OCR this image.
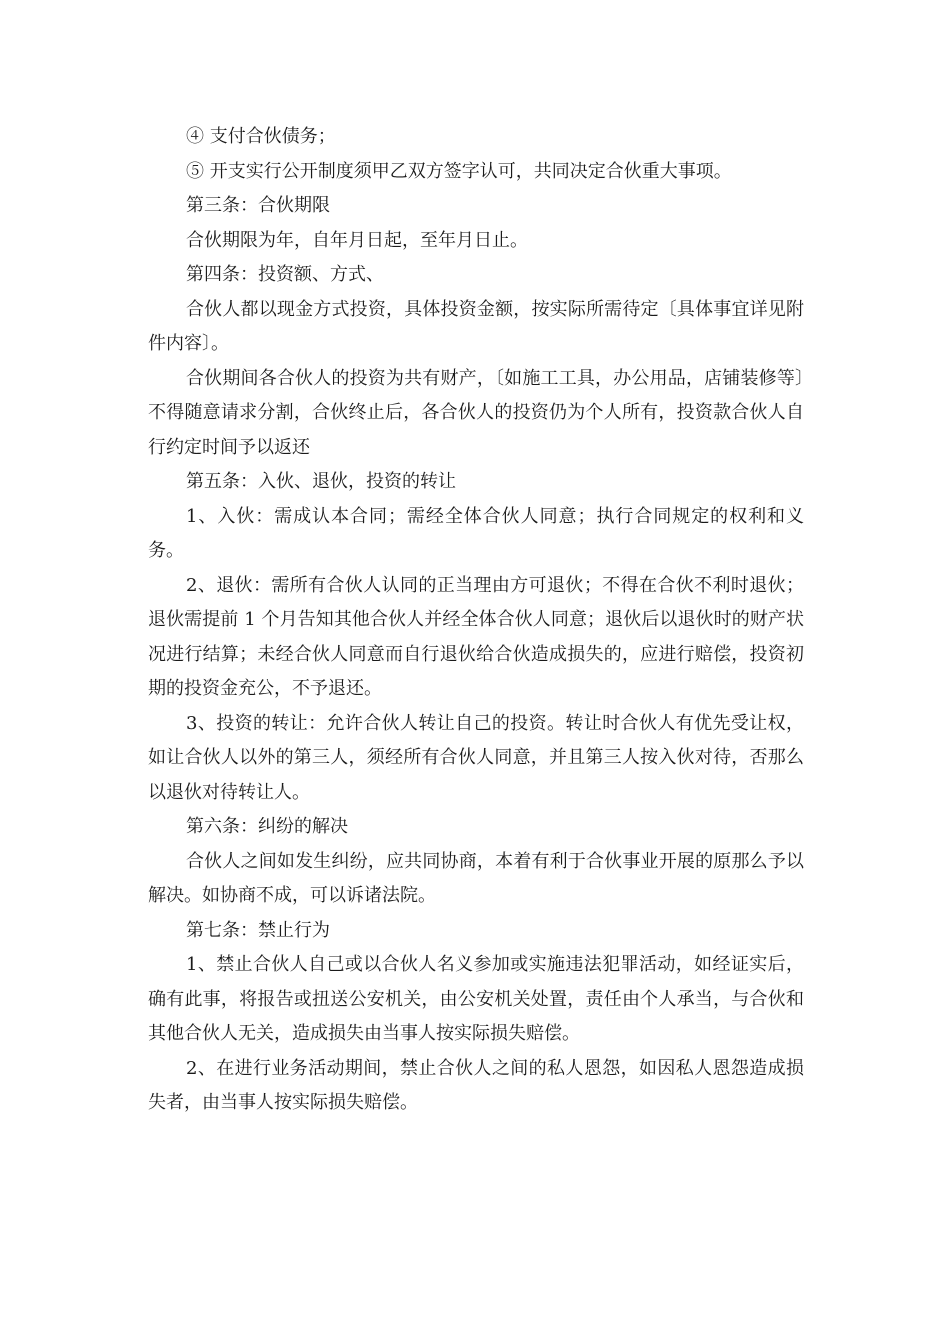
④ 支付合伙债务；

⑤ 开支实行公开制度须甲乙双方签字认可，共同决定合伙重大事项。

第三条：合伙期限

合伙期限为年，自年月日起，至年月日止。

第四条：投资额、方式、

合伙人都以现金方式投资，具体投资金额，按实际所需待定〔具体事宜详见附件内容〕。

合伙期间各合伙人的投资为共有财产，〔如施工工具，办公用品，店铺装修等〕不得随意请求分割，合伙终止后，各合伙人的投资仍为个人所有，投资款合伙人自行约定时间予以返还

第五条：入伙、退伙，投资的转让

1、入伙：需成认本合同；需经全体合伙人同意；执行合同规定的权利和义务。

2、退伙：需所有合伙人认同的正当理由方可退伙；不得在合伙不利时退伙；退伙需提前 1 个月告知其他合伙人并经全体合伙人同意；退伙后以退伙时的财产状况进行结算；未经合伙人同意而自行退伙给合伙造成损失的，应进行赔偿，投资初期的投资金充公，不予退还。

3、投资的转让：允许合伙人转让自己的投资。转让时合伙人有优先受让权，如让合伙人以外的第三人，须经所有合伙人同意，并且第三人按入伙对待，否那么以退伙对待转让人。

第六条：纠纷的解决

合伙人之间如发生纠纷，应共同协商，本着有利于合伙事业开展的原那么予以解决。如协商不成，可以诉诸法院。

第七条：禁止行为

1、禁止合伙人自己或以合伙人名义参加或实施违法犯罪活动，如经证实后，确有此事，将报告或扭送公安机关，由公安机关处置，责任由个人承当，与合伙和其他合伙人无关，造成损失由当事人按实际损失赔偿。

2、在进行业务活动期间，禁止合伙人之间的私人恩怨，如因私人恩怨造成损失者，由当事人按实际损失赔偿。
